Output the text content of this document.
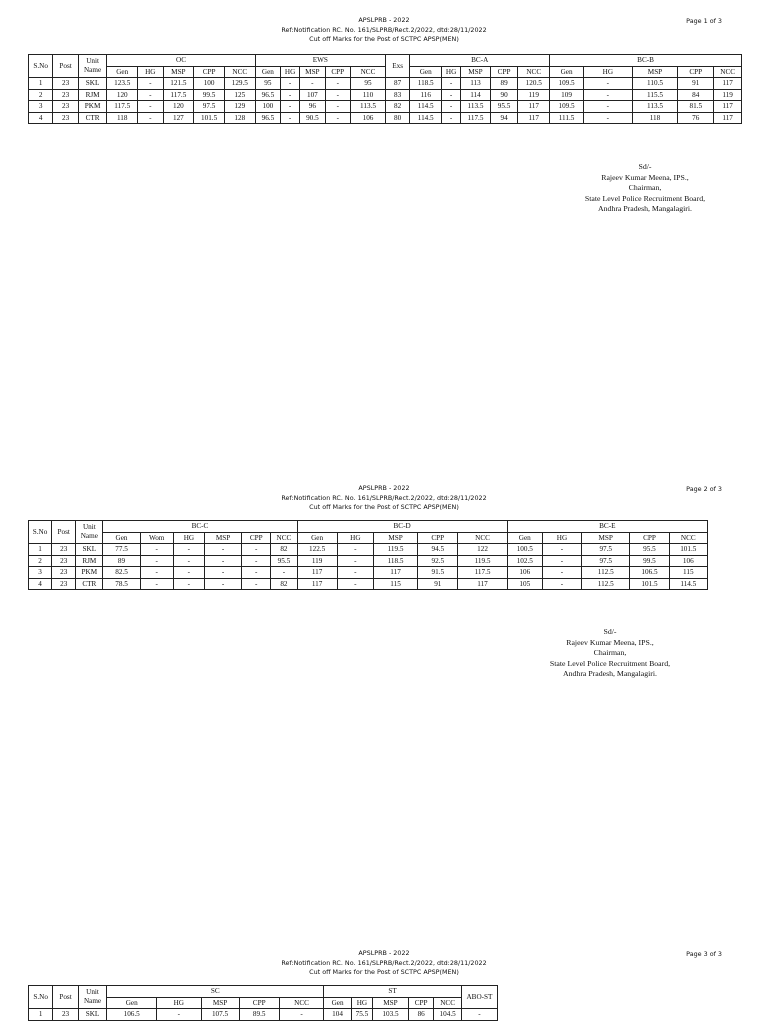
APSLPRB - 2022
Ref:Notification RC. No. 161/SLPRB/Rect.2/2022, dtd:28/11/2022
Cut off Marks for the Post of SCTPC APSP(MEN)
Page 1 of 3
S.No	Post	Unit Name	OC					EWS					Exs	BC-A					BC-B				
			Gen	HG	MSP	CPP	NCC	Gen	HG	MSP	CPP	NCC		Gen	HG	MSP	CPP	NCC	Gen	HG	MSP	CPP	NCC
1	23	SKL	123.5	-	121.5	100	129.5	95	-	-	-	95	87	118.5	-	113	89	120.5	109.5	-	110.5	91	117
2	23	RJM	120	-	117.5	99.5	125	96.5	-	107	-	110	83	116	-	114	90	119	109	-	115.5	84	119
3	23	PKM	117.5	-	120	97.5	129	100	-	96	-	113.5	82	114.5	-	113.5	95.5	117	109.5	-	113.5	81.5	117
4	23	CTR	118	-	127	101.5	128	96.5	-	90.5	-	106	80	114.5	-	117.5	94	117	111.5	-	118	76	117
Sd/-
Rajeev Kumar Meena, IPS.,
Chairman,
State Level Police Recruitment Board,
Andhra Pradesh, Mangalagiri.
APSLPRB - 2022
Ref:Notification RC. No. 161/SLPRB/Rect.2/2022, dtd:28/11/2022
Cut off Marks for the Post of SCTPC APSP(MEN)
Page 2 of 3
S.No	Post	Unit Name	BC-C						BC-D					BC-E				
			Gen	Wom	HG	MSP	CPP	NCC	Gen	HG	MSP	CPP	NCC	Gen	HG	MSP	CPP	NCC
1	23	SKL	77.5	-	-	-	-	82	122.5	-	119.5	94.5	122	100.5	-	97.5	95.5	101.5
2	23	RJM	89	-	-	-	-	95.5	119	-	118.5	92.5	119.5	102.5	-	97.5	99.5	106
3	23	PKM	82.5	-	-	-	-	-	117	-	117	91.5	117.5	106	-	112.5	106.5	115
4	23	CTR	78.5	-	-	-	-	82	117	-	115	91	117	105	-	112.5	101.5	114.5
Sd/-
Rajeev Kumar Meena, IPS.,
Chairman,
State Level Police Recruitment Board,
Andhra Pradesh, Mangalagiri.
APSLPRB - 2022
Ref:Notification RC. No. 161/SLPRB/Rect.2/2022, dtd:28/11/2022
Cut off Marks for the Post of SCTPC APSP(MEN)
Page 3 of 3
S.No	Post	Unit Name	SC					ST					ABO-ST
			Gen	HG	MSP	CPP	NCC	Gen	HG	MSP	CPP	NCC	
1	23	SKL	106.5	-	107.5	89.5	-	104	75.5	103.5	86	104.5	-
